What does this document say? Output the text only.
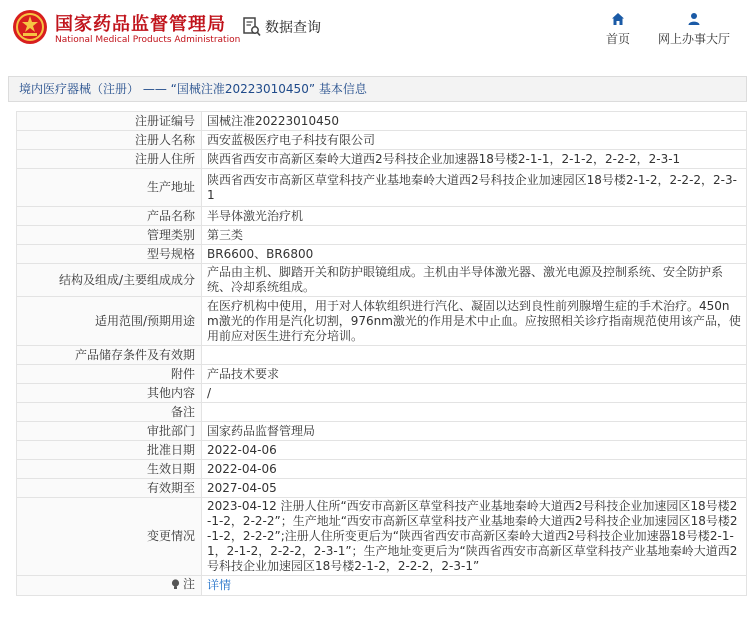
国家药品监督管理局
National Medical Products Administration
数据查询
首页 网上办事大厅
境内医疗器械（注册） —— “国械注准20223010450” 基本信息
注册证编号	国械注准20223010450
注册人名称	西安蓝极医疗电子科技有限公司
注册人住所	陕西省西安市高新区秦岭大道西2号科技企业加速器18号楼2-1-1，2-1-2，2-2-2，2-3-1
生产地址	陕西省西安市高新区草堂科技产业基地秦岭大道西2号科技企业加速园区18号楼2-1-2，2-2-2，2-3-1
产品名称	半导体激光治疗机
管理类别	第三类
型号规格	BR6600、BR6800
结构及组成/主要组成成分	产品由主机、脚踏开关和防护眼镜组成。主机由半导体激光器、激光电源及控制系统、安全防护系统、冷却系统组成。
适用范围/预期用途	在医疗机构中使用，用于对人体软组织进行汽化、凝固以达到良性前列腺增生症的手术治疗。450nm激光的作用是汽化切割，976nm激光的作用是术中止血。应按照相关诊疗指南规范使用该产品，使用前应对医生进行充分培训。
产品储存条件及有效期	
附件	产品技术要求
其他内容	/
备注	
审批部门	国家药品监督管理局
批准日期	2022-04-06
生效日期	2022-04-06
有效期至	2027-04-05
变更情况	2023-04-12 注册人住所“西安市高新区草堂科技产业基地秦岭大道西2号科技企业加速园区18号楼2-1-2，2-2-2”；生产地址“西安市高新区草堂科技产业基地秦岭大道西2号科技企业加速园区18号楼2-1-2，2-2-2”;注册人住所变更后为“陕西省西安市高新区秦岭大道西2号科技企业加速器18号楼2-1-1，2-1-2，2-2-2，2-3-1”；生产地址变更后为“陕西省西安市高新区草堂科技产业基地秦岭大道西2号科技企业加速园区18号楼2-1-2，2-2-2，2-3-1”

注	详情
